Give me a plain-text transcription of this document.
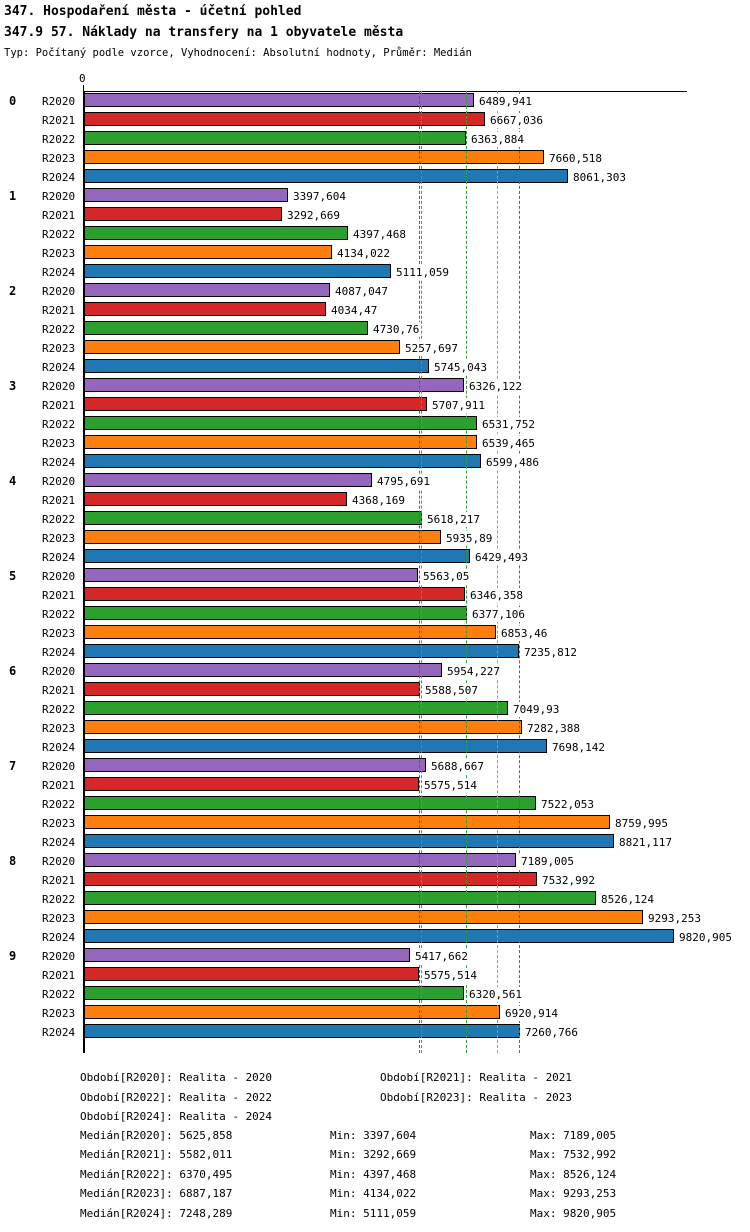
347. Hospodaření města - účetní pohled
347.9 57. Náklady na transfery na 1 obyvatele města
Typ: Počítaný podle vzorce, Vyhodnocení: Absolutní hodnoty, Průměr: Medián
0
0 R2020	6489,941
R2021	6667,036
R2022	6363,884
R2023	7660,518
R2024	8061,303
1 R2020	3397,604
R2021	3292,669
R2022	4397,468
R2023	4134,022
R2024	5111,059
2 R2020	4087,047
R2021	4034,47
R2022	4730,76
R2023	5257,697
R2024	5745,043
3 R2020	6326,122
R2021	5707,911
R2022	6531,752
R2023	6539,465
R2024	6599,486
4 R2020	4795,691
R2021	4368,169
R2022	5618,217
R2023	5935,89
R2024	6429,493
5 R2020	5563,05
R2021	6346,358
R2022	6377,106
R2023	6853,46
R2024	7235,812
6 R2020	5954,227
R2021	5588,507
R2022	7049,93
R2023	7282,388
R2024	7698,142
7 R2020	5688,667
R2021	5575,514
R2022	7522,053
R2023	8759,995
R2024	8821,117
8 R2020	7189,005
R2021	7532,992
R2022	8526,124
R2023	9293,253
R2024	9820,905
9 R2020	5417,662
R2021	5575,514
R2022	6320,561
R2023	6920,914
R2024	7260,766
Období[R2020]: Realita - 2020	Období[R2021]: Realita - 2021
Období[R2022]: Realita - 2022	Období[R2023]: Realita - 2023
Období[R2024]: Realita - 2024
Medián[R2020]: 5625,858	Min: 3397,604	Max: 7189,005
Medián[R2021]: 5582,011	Min: 3292,669	Max: 7532,992
Medián[R2022]: 6370,495	Min: 4397,468	Max: 8526,124
Medián[R2023]: 6887,187	Min: 4134,022	Max: 9293,253
Medián[R2024]: 7248,289	Min: 5111,059	Max: 9820,905
